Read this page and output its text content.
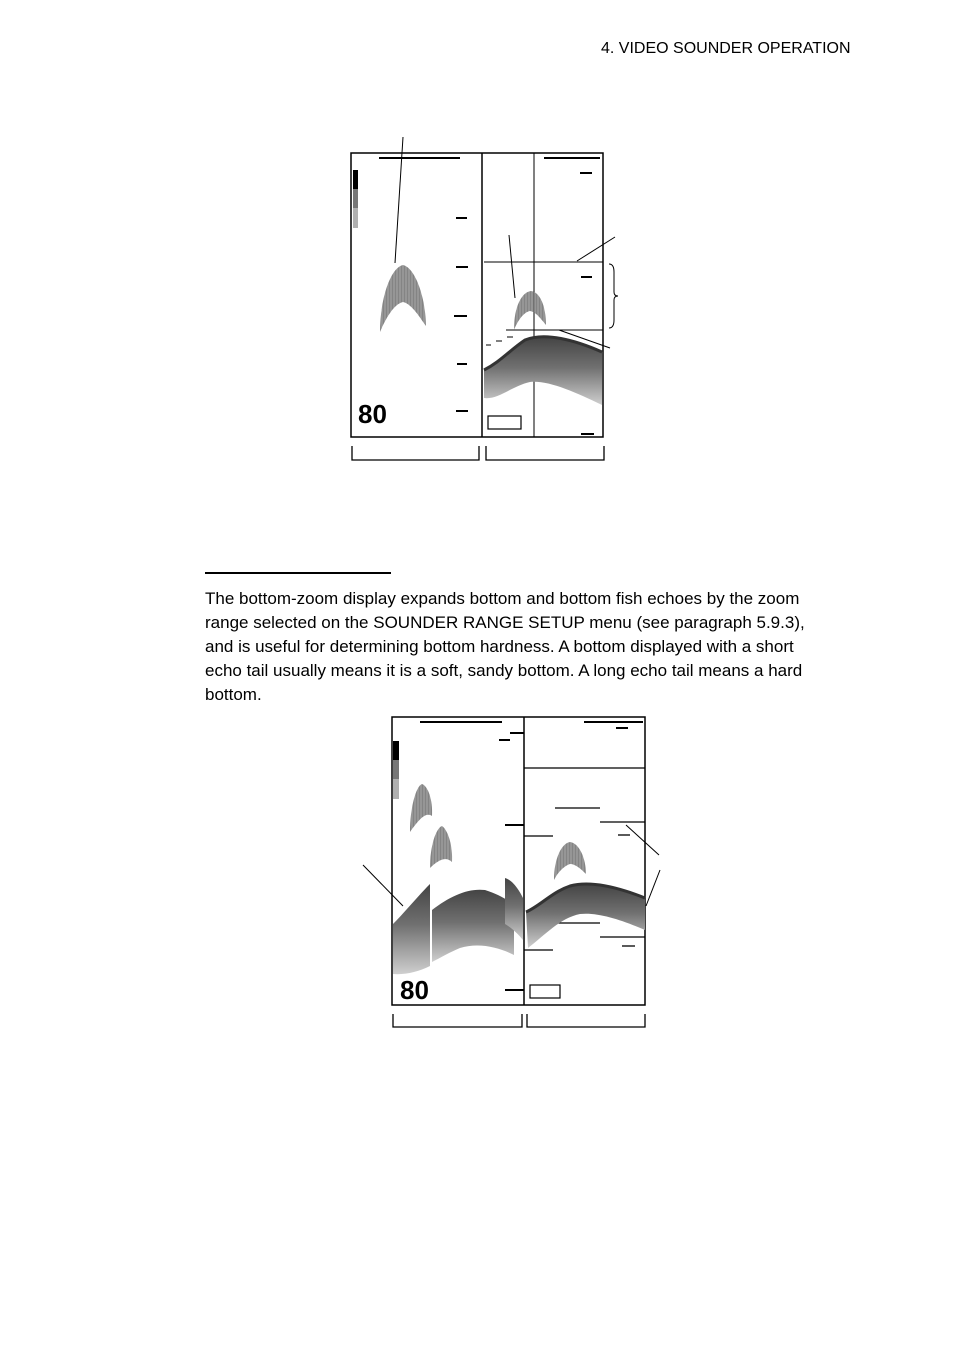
4. VIDEO SOUNDER OPERATION
80
80
The bottom-zoom display expands bottom and bottom fish echoes by the zoom
range selected on the SOUNDER RANGE SETUP menu (see paragraph 5.9.3),
and is useful for determining bottom hardness. A bottom displayed with a short
echo tail usually means it is a soft, sandy bottom. A long echo tail means a hard
bottom.
